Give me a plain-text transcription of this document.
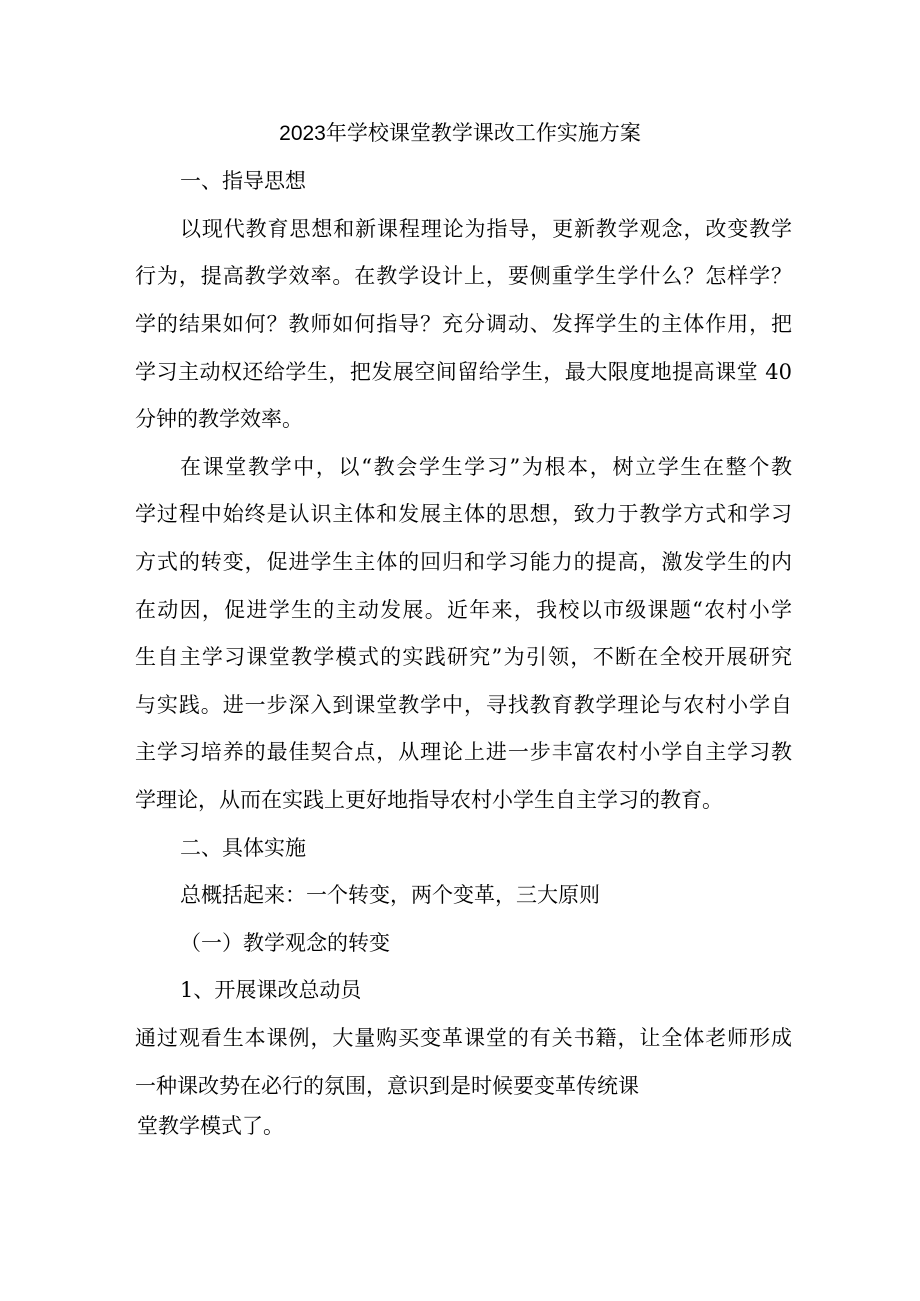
2023年学校课堂教学课改工作实施方案
一、指导思想
以现代教育思想和新课程理论为指导，更新教学观念，改变教学
行为，提高教学效率。在教学设计上，要侧重学生学什么？怎样学？
学的结果如何？教师如何指导？充分调动、发挥学生的主体作用，把
学习主动权还给学生，把发展空间留给学生，最大限度地提高课堂 40
分钟的教学效率。
在课堂教学中，以“教会学生学习”为根本，树立学生在整个教
学过程中始终是认识主体和发展主体的思想，致力于教学方式和学习
方式的转变，促进学生主体的回归和学习能力的提高，激发学生的内
在动因，促进学生的主动发展。近年来，我校以市级课题“农村小学
生自主学习课堂教学模式的实践研究”为引领，不断在全校开展研究
与实践。进一步深入到课堂教学中，寻找教育教学理论与农村小学自
主学习培养的最佳契合点，从理论上进一步丰富农村小学自主学习教
学理论，从而在实践上更好地指导农村小学生自主学习的教育。
二、具体实施
总概括起来：一个转变，两个变革，三大原则
（一）教学观念的转变
1、开展课改总动员
通过观看生本课例，大量购买变革课堂的有关书籍，让全体老师形成
一种课改势在必行的氛围，意识到是时候要变革传统课
堂教学模式了。
